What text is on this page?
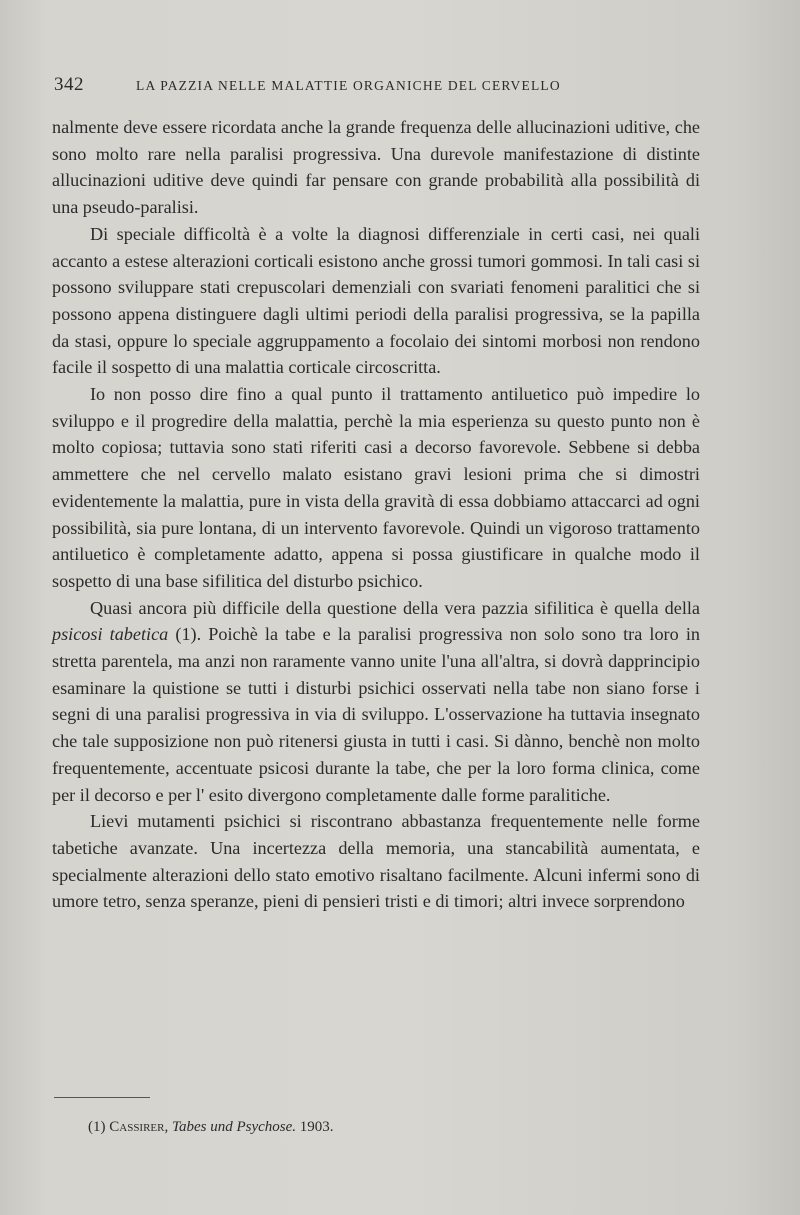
342	LA PAZZIA NELLE MALATTIE ORGANICHE DEL CERVELLO

nalmente deve essere ricordata anche la grande frequenza delle allucinazioni uditive, che sono molto rare nella paralisi progressiva. Una durevole manifestazione di distinte allucinazioni uditive deve quindi far pensare con grande probabilità alla possibilità di una pseudo-paralisi.

Di speciale difficoltà è a volte la diagnosi differenziale in certi casi, nei quali accanto a estese alterazioni corticali esistono anche grossi tumori gommosi. In tali casi si possono sviluppare stati crepuscolari demenziali con svariati fenomeni paralitici che si possono appena distinguere dagli ultimi periodi della paralisi progressiva, se la papilla da stasi, oppure lo speciale aggruppamento a focolaio dei sintomi morbosi non rendono facile il sospetto di una malattia corticale circoscritta.

Io non posso dire fino a qual punto il trattamento antiluetico può impedire lo sviluppo e il progredire della malattia, perchè la mia esperienza su questo punto non è molto copiosa; tuttavia sono stati riferiti casi a decorso favorevole. Sebbene si debba ammettere che nel cervello malato esistano gravi lesioni prima che si dimostri evidentemente la malattia, pure in vista della gravità di essa dobbiamo attaccarci ad ogni possibilità, sia pure lontana, di un intervento favorevole. Quindi un vigoroso trattamento antiluetico è completamente adatto, appena si possa giustificare in qualche modo il sospetto di una base sifilitica del disturbo psichico.

Quasi ancora più difficile della questione della vera pazzia sifilitica è quella della psicosi tabetica (1). Poichè la tabe e la paralisi progressiva non solo sono tra loro in stretta parentela, ma anzi non raramente vanno unite l'una all'altra, si dovrà dapprincipio esaminare la quistione se tutti i disturbi psichici osservati nella tabe non siano forse i segni di una paralisi progressiva in via di sviluppo. L'osservazione ha tuttavia insegnato che tale supposizione non può ritenersi giusta in tutti i casi. Si dànno, benchè non molto frequentemente, accentuate psicosi durante la tabe, che per la loro forma clinica, come per il decorso e per l' esito divergono completamente dalle forme paralitiche.

Lievi mutamenti psichici si riscontrano abbastanza frequentemente nelle forme tabetiche avanzate. Una incertezza della memoria, una stancabilità aumentata, e specialmente alterazioni dello stato emotivo risaltano facilmente. Alcuni infermi sono di umore tetro, senza speranze, pieni di pensieri tristi e di timori; altri invece sorprendono

(1) Cassirer, Tabes und Psychose. 1903.
